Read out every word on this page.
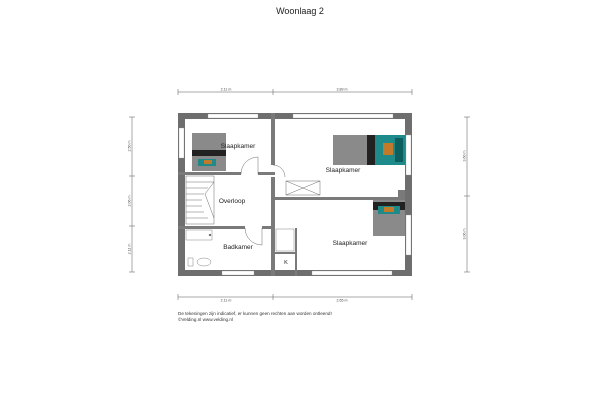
Woonlaag 2
2.11 m	3.89 m
2.11 m	2.65 m
2.50 m
2.06 m
2.11 m
3.60 m
3.06 m
Slaapkamer
Slaapkamer
Overloop
Badkamer
Slaapkamer
K
De tekeningen zijn indicatief, er kunnen geen rechten aan worden ontleend!
©Velding.nl www.velding.nl
